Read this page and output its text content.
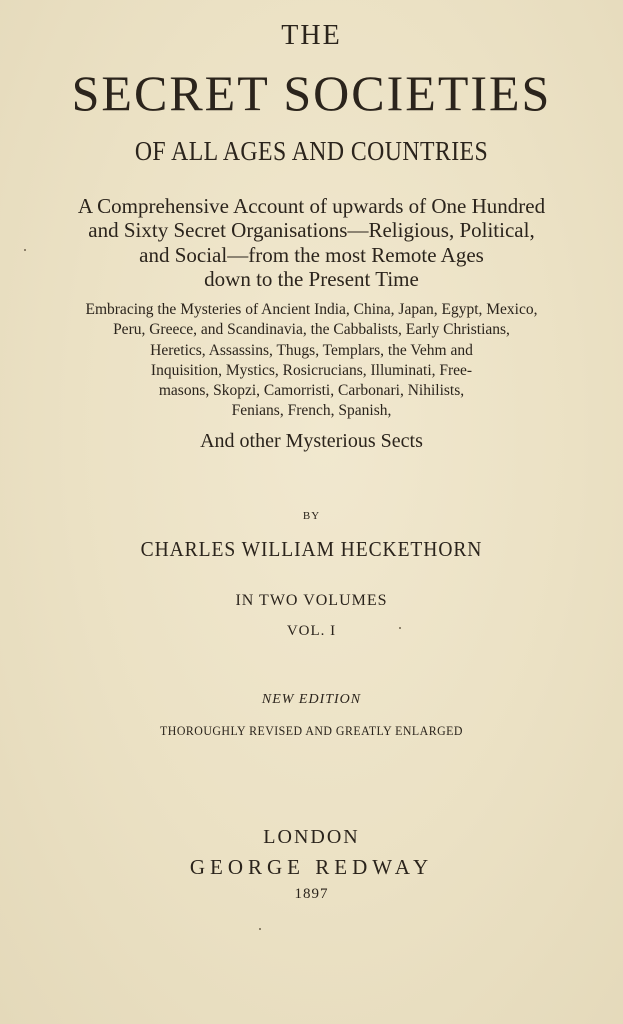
THE
SECRET SOCIETIES
OF ALL AGES AND COUNTRIES
A Comprehensive Account of upwards of One Hundred
and Sixty Secret Organisations—Religious, Political,
and Social—from the most Remote Ages
down to the Present Time
Embracing the Mysteries of Ancient India, China, Japan, Egypt, Mexico,
Peru, Greece, and Scandinavia, the Cabbalists, Early Christians,
Heretics, Assassins, Thugs, Templars, the Vehm and
Inquisition, Mystics, Rosicrucians, Illuminati, Free-
masons, Skopzi, Camorristi, Carbonari, Nihilists,
Fenians, French, Spanish,
And other Mysterious Sects
BY
CHARLES WILLIAM HECKETHORN
IN TWO VOLUMES
VOL. I
NEW EDITION
THOROUGHLY REVISED AND GREATLY ENLARGED
LONDON
GEORGE REDWAY
1897
